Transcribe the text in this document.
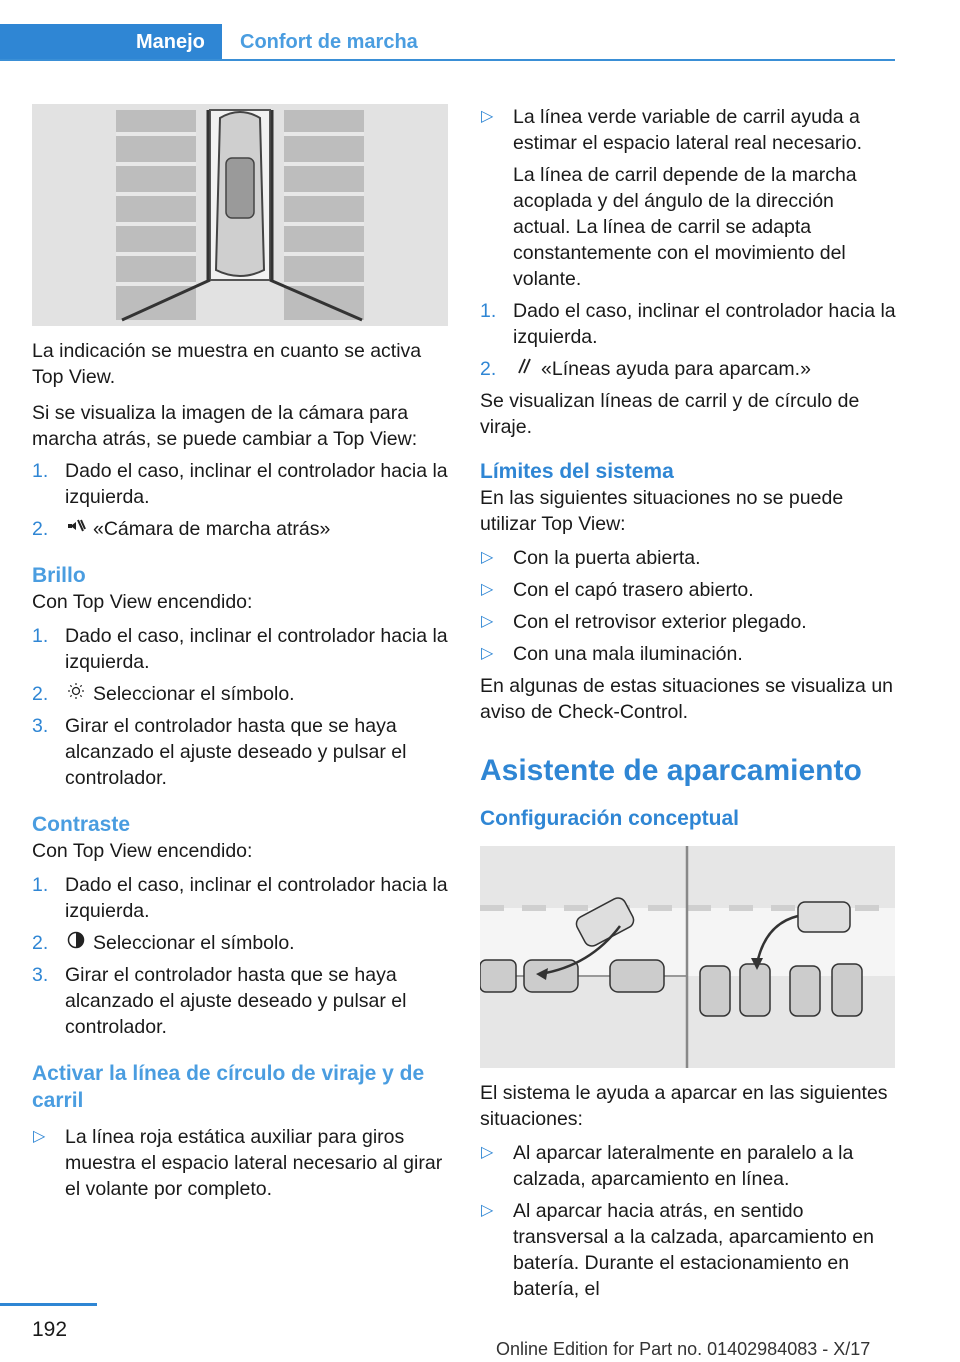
Manejo	Confort de marcha

La indicación se muestra en cuanto se activa Top View.

Si se visualiza la imagen de la cámara para marcha atrás, se puede cambiar a Top View:

1. Dado el caso, inclinar el controlador hacia la izquierda.
2. «Cámara de marcha atrás»
Brillo

Con Top View encendido:

1. Dado el caso, inclinar el controlador hacia la izquierda.
2. Seleccionar el símbolo.
3. Girar el controlador hasta que se haya alcanzado el ajuste deseado y pulsar el controlador.
Contraste

Con Top View encendido:

1. Dado el caso, inclinar el controlador hacia la izquierda.
2. Seleccionar el símbolo.
3. Girar el controlador hasta que se haya alcanzado el ajuste deseado y pulsar el controlador.
Activar la línea de círculo de viraje y de carril
▷ La línea roja estática auxiliar para giros muestra el espacio lateral necesario al girar el volante por completo.
▷ La línea verde variable de carril ayuda a estimar el espacio lateral real necesario.

La línea de carril depende de la marcha acoplada y del ángulo de la dirección actual. La línea de carril se adapta constantemente con el movimiento del volante.

1. Dado el caso, inclinar el controlador hacia la izquierda.
2. «Líneas ayuda para aparcam.»

Se visualizan líneas de carril y de círculo de viraje.

Límites del sistema

En las siguientes situaciones no se puede utilizar Top View:

▷ Con la puerta abierta.
▷ Con el capó trasero abierto.
▷ Con el retrovisor exterior plegado.
▷ Con una mala iluminación.

En algunas de estas situaciones se visualiza un aviso de Check-Control.

Asistente de aparcamiento
Configuración conceptual

El sistema le ayuda a aparcar en las siguientes situaciones:

▷ Al aparcar lateralmente en paralelo a la calzada, aparcamiento en línea.
▷ Al aparcar hacia atrás, en sentido transversal a la calzada, aparcamiento en batería. Durante el estacionamiento en batería, el
192
Online Edition for Part no. 01402984083 - X/17
